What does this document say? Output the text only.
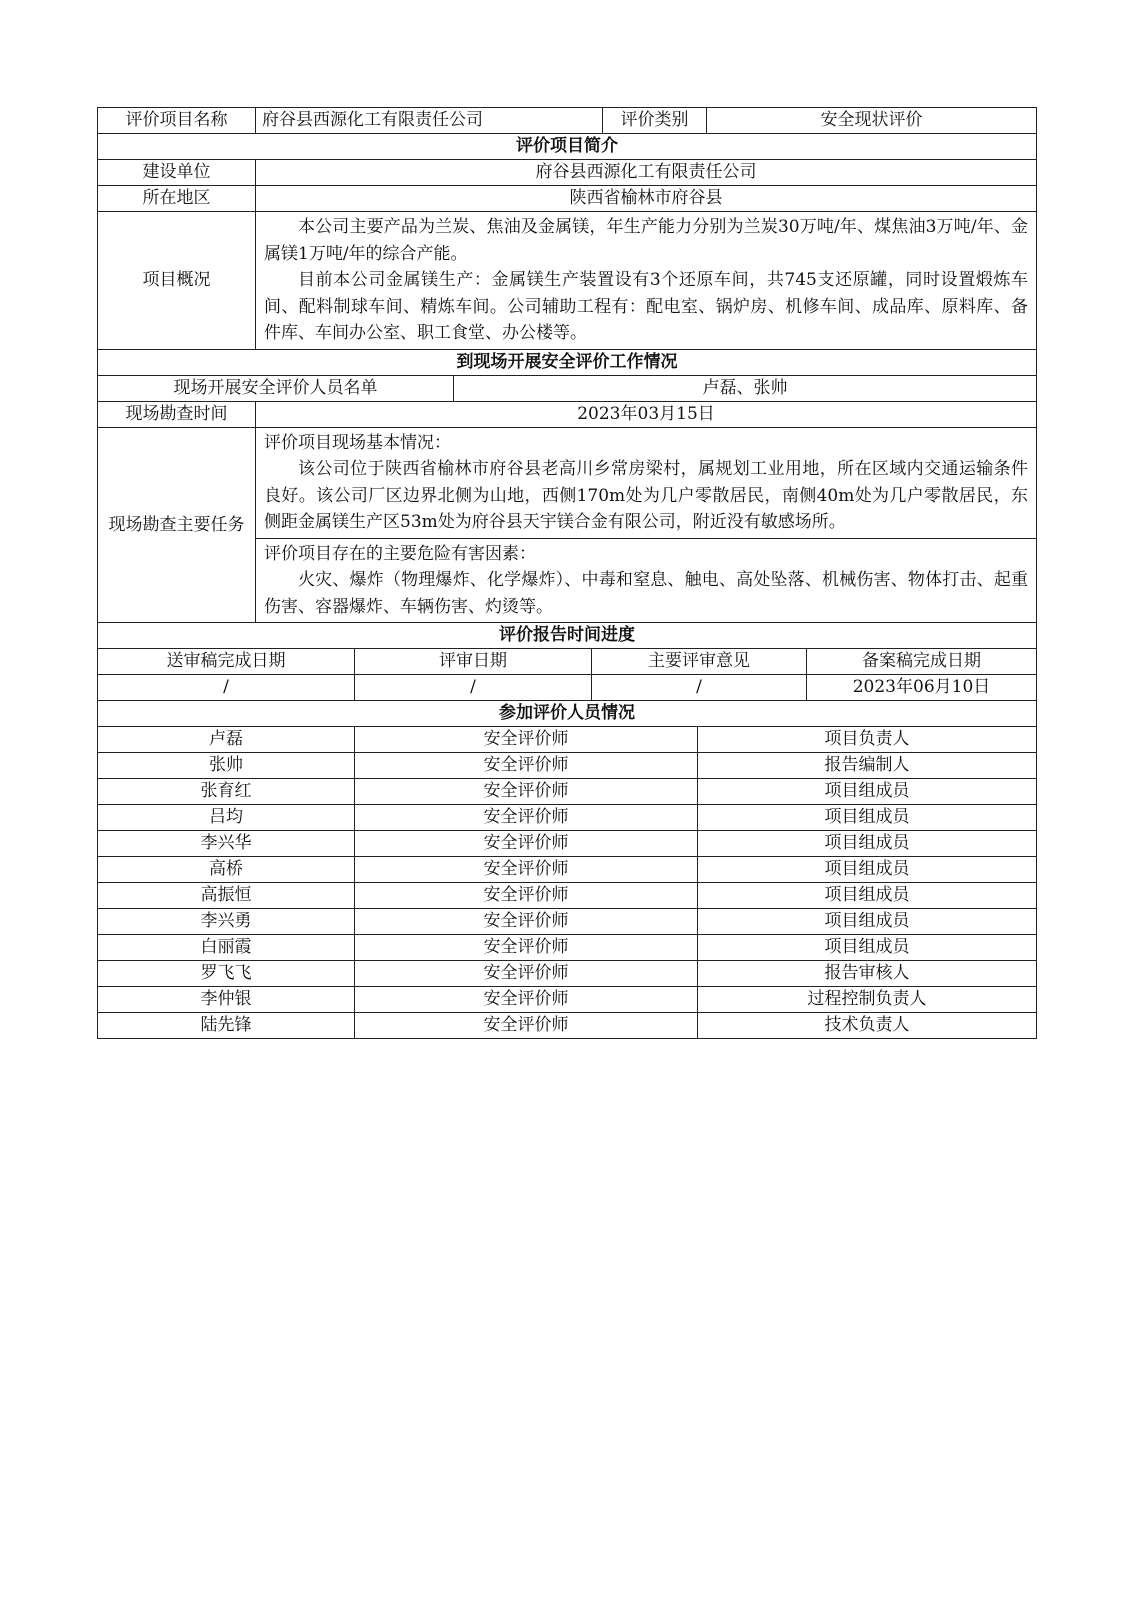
评价项目名称	府谷县西源化工有限责任公司		评价类别	安全现状评价
评价项目简介				
建设单位	府谷县西源化工有限责任公司			
所在地区	陕西省榆林市府谷县			
项目概况	本公司主要产品为兰炭、焦油及金属镁，年生产能力分别为兰炭30万吨/年、煤焦油3万吨/年、金属镁1万吨/年的综合产能。
目前本公司金属镁生产：金属镁生产装置设有3个还原车间，共745支还原罐，同时设置煅炼车间、配料制球车间、精炼车间。公司辅助工程有：配电室、锅炉房、机修车间、成品库、原料库、备件库、车间办公室、职工食堂、办公楼等。			

到现场开展安全评价工作情况				
现场开展安全评价人员名单		卢磊、张帅		
现场勘查时间	2023年03月15日			
现场勘查主要任务	评价项目现场基本情况：
该公司位于陕西省榆林市府谷县老高川乡常房梁村，属规划工业用地，所在区域内交通运输条件良好。该公司厂区边界北侧为山地，西侧170m处为几户零散居民，南侧40m处为几户零散居民，东侧距金属镁生产区53m处为府谷县天宇镁合金有限公司，附近没有敏感场所。			

	评价项目存在的主要危险有害因素：
火灾、爆炸（物理爆炸、化学爆炸）、中毒和窒息、触电、高处坠落、机械伤害、物体打击、起重伤害、容器爆炸、车辆伤害、灼烫等。			
评价报告时间进度			
送审稿完成日期	评审日期	主要评审意见	备案稿完成日期
/	/	/	2023年06月10日
参加评价人员情况		
卢磊	安全评价师	项目负责人
张帅	安全评价师	报告编制人
张育红	安全评价师	项目组成员
吕均	安全评价师	项目组成员
李兴华	安全评价师	项目组成员
高桥	安全评价师	项目组成员
高振恒	安全评价师	项目组成员
李兴勇	安全评价师	项目组成员
白丽霞	安全评价师	项目组成员
罗飞飞	安全评价师	报告审核人
李仲银	安全评价师	过程控制负责人
陆先锋	安全评价师	技术负责人
